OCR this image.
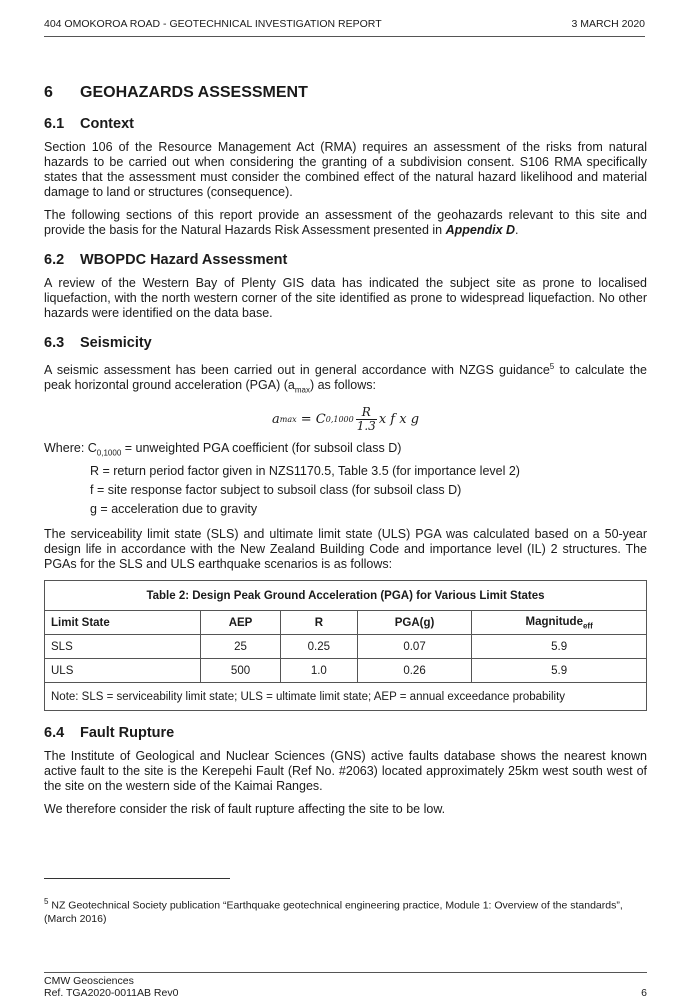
404 OMOKOROA ROAD - GEOTECHNICAL INVESTIGATION REPORT	3 MARCH 2020
6 GEOHAZARDS ASSESSMENT
6.1 Context

Section 106 of the Resource Management Act (RMA) requires an assessment of the risks from natural hazards to be carried out when considering the granting of a subdivision consent. S106 RMA specifically states that the assessment must consider the combined effect of the natural hazard likelihood and material damage to land or structures (consequence).

The following sections of this report provide an assessment of the geohazards relevant to this site and provide the basis for the Natural Hazards Risk Assessment presented in Appendix D.

6.2 WBOPDC Hazard Assessment

A review of the Western Bay of Plenty GIS data has indicated the subject site as prone to localised liquefaction, with the north western corner of the site identified as prone to widespread liquefaction. No other hazards were identified on the data base.

6.3 Seismicity

A seismic assessment has been carried out in general accordance with NZGS guidance$^5$ to calculate the peak horizontal ground acceleration (PGA) $(a_{max})$ as follows:

a max = C $0,1000 \frac{R}{1.3}$ x f x g
Where: $C_{0,1000}$ = unweighted PGA coefficient (for subsoil class D)
R = return period factor given in NZS1170.5, Table 3.5 (for importance level 2)
f = site response factor subject to subsoil class (for subsoil class D)
g = acceleration due to gravity

The serviceability limit state (SLS) and ultimate limit state (ULS) PGA was calculated based on a 50-year design life in accordance with the New Zealand Building Code and importance level (IL) 2 structures. The PGAs for the SLS and ULS earthquake scenarios is as follows:

Table 2: Design Peak Ground Acceleration (PGA) for Various Limit States				
Limit State	AEP	R	PGA(g)	Magnitude$_{eff}$
SLS	25	0.25	0.07	5.9
ULS	500	1.0	0.26	5.9
Note: SLS = serviceability limit state; ULS = ultimate limit state; AEP = annual exceedance probability				
6.4 Fault Rupture

The Institute of Geological and Nuclear Sciences (GNS) active faults database shows the nearest known active fault to the site is the Kerepehi Fault (Ref No. #2063) located approximately 25km west south west of the site on the western side of the Kaimai Ranges.

We therefore consider the risk of fault rupture affecting the site to be low.

$^5$ NZ Geotechnical Society publication “Earthquake geotechnical engineering practice, Module 1: Overview of the standards”, (March 2016)
CMW Geosciences
Ref. TGA2020-0011AB Rev0	6
